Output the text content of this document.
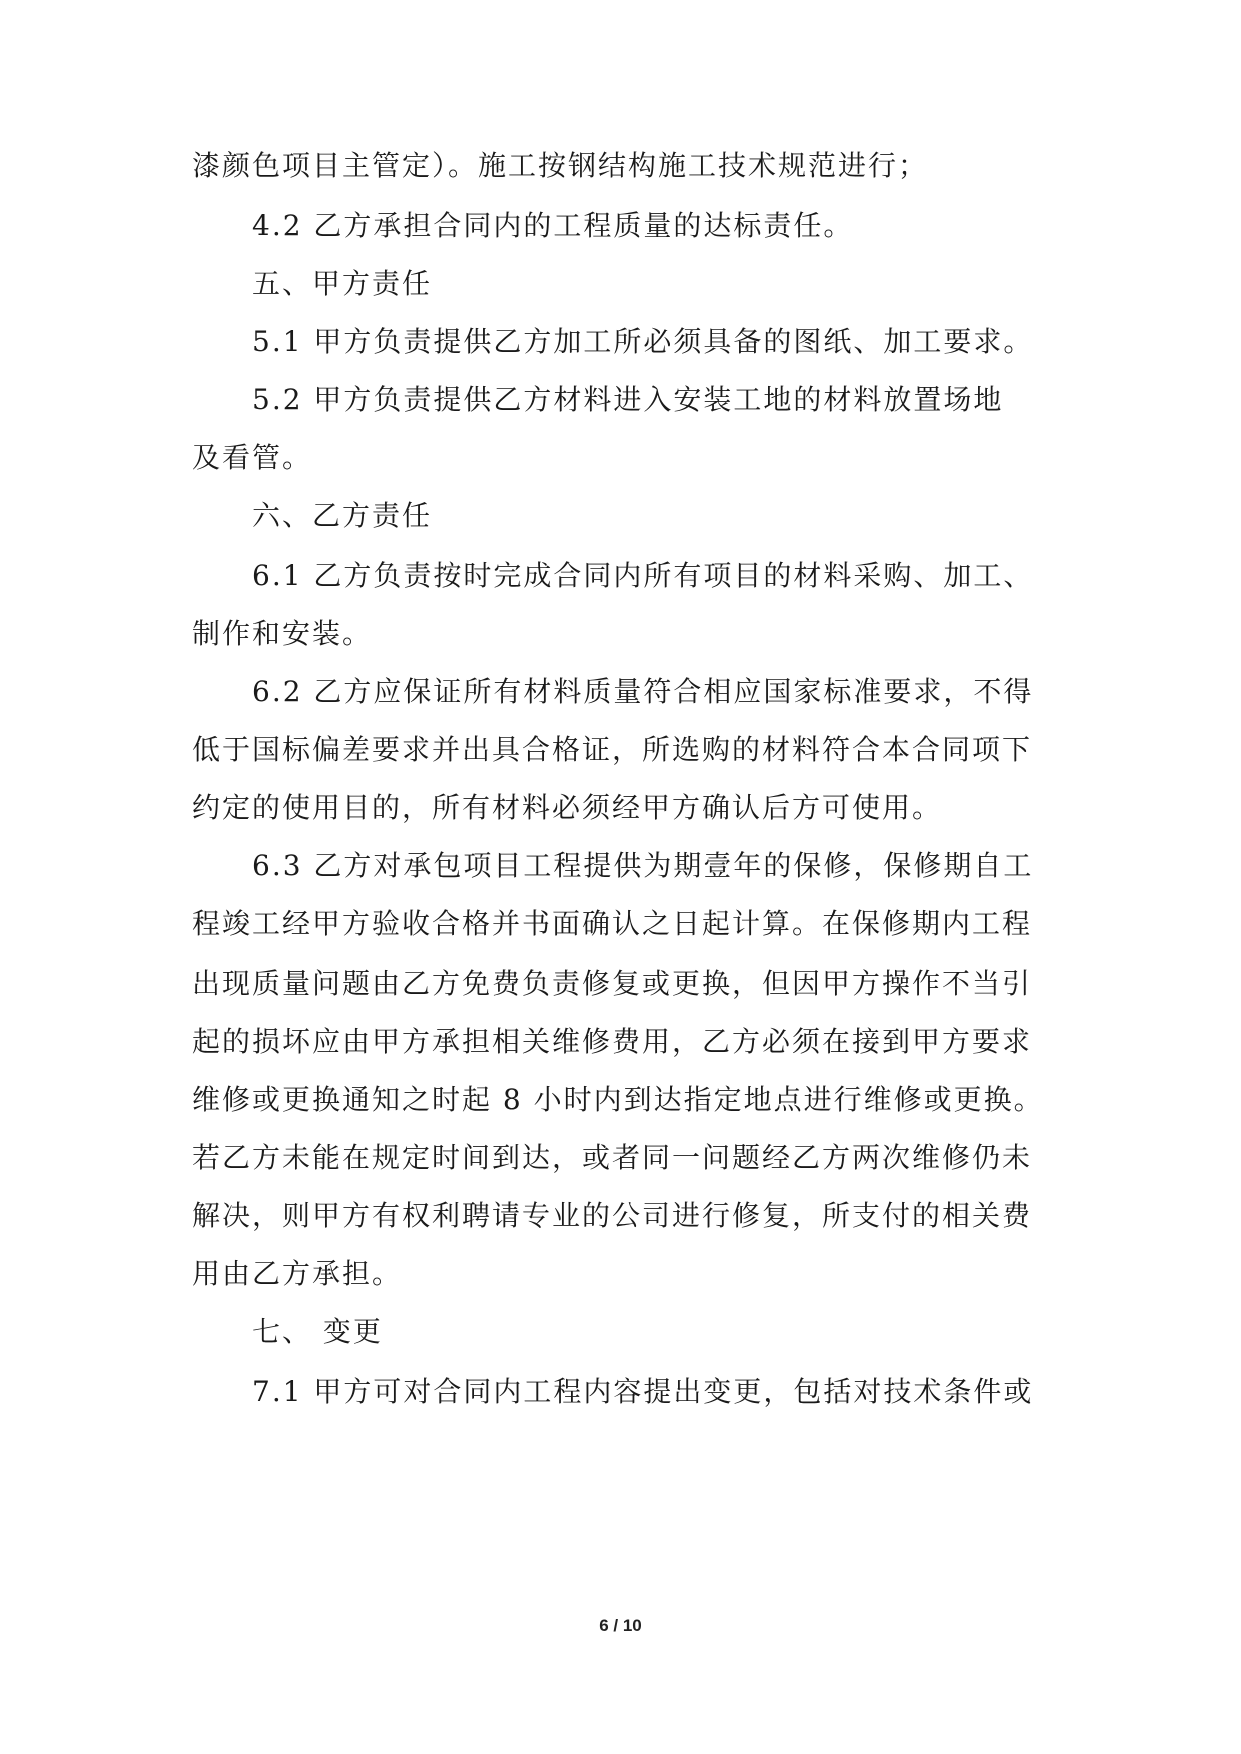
漆颜色项目主管定）。施工按钢结构施工技术规范进行；
4.2 乙方承担合同内的工程质量的达标责任。
五、甲方责任
5.1 甲方负责提供乙方加工所必须具备的图纸、加工要求。
5.2 甲方负责提供乙方材料进入安装工地的材料放置场地
及看管。
六、乙方责任
6.1 乙方负责按时完成合同内所有项目的材料采购、加工、
制作和安装。
6.2 乙方应保证所有材料质量符合相应国家标准要求，不得
低于国标偏差要求并出具合格证，所选购的材料符合本合同项下
约定的使用目的，所有材料必须经甲方确认后方可使用。
6.3 乙方对承包项目工程提供为期壹年的保修，保修期自工
程竣工经甲方验收合格并书面确认之日起计算。在保修期内工程
出现质量问题由乙方免费负责修复或更换，但因甲方操作不当引
起的损坏应由甲方承担相关维修费用，乙方必须在接到甲方要求
维修或更换通知之时起 8 小时内到达指定地点进行维修或更换。
若乙方未能在规定时间到达，或者同一问题经乙方两次维修仍未
解决，则甲方有权利聘请专业的公司进行修复，所支付的相关费
用由乙方承担。
七、 变更
7.1 甲方可对合同内工程内容提出变更，包括对技术条件或
6 / 10
